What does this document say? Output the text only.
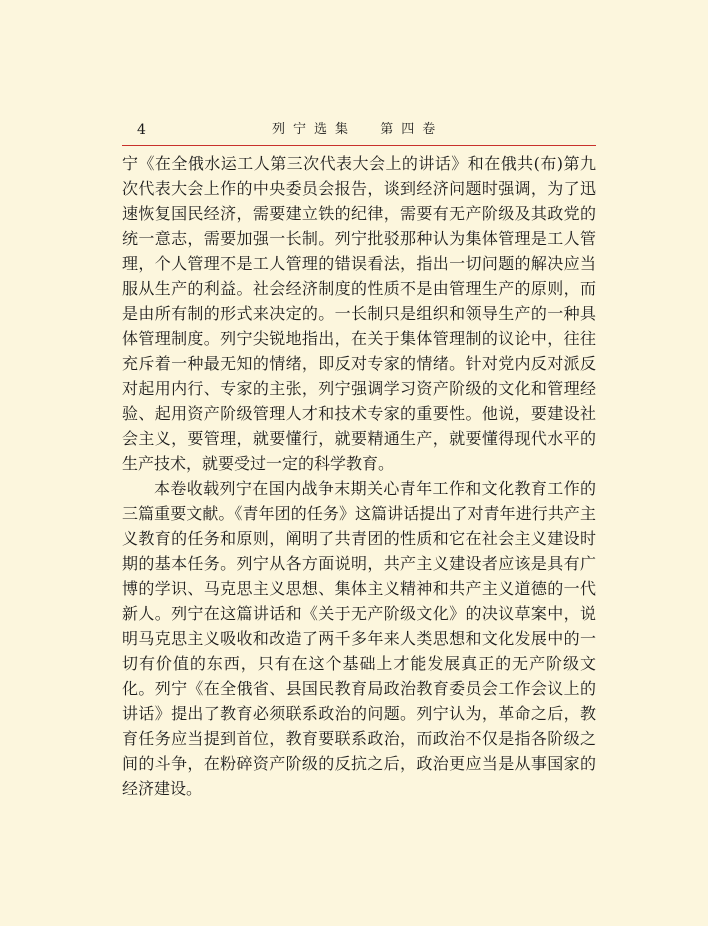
4	列宁选集  第四卷

宁《在全俄水运工人第三次代表大会上的讲话》和在俄共(布)第九次代表大会上作的中央委员会报告，谈到经济问题时强调，为了迅速恢复国民经济，需要建立铁的纪律，需要有无产阶级及其政党的统一意志，需要加强一长制。列宁批驳那种认为集体管理是工人管理，个人管理不是工人管理的错误看法，指出一切问题的解决应当服从生产的利益。社会经济制度的性质不是由管理生产的原则，而是由所有制的形式来决定的。一长制只是组织和领导生产的一种具体管理制度。列宁尖锐地指出，在关于集体管理制的议论中，往往充斥着一种最无知的情绪，即反对专家的情绪。针对党内反对派反对起用内行、专家的主张，列宁强调学习资产阶级的文化和管理经验、起用资产阶级管理人才和技术专家的重要性。他说，要建设社会主义，要管理，就要懂行，就要精通生产，就要懂得现代水平的生产技术，就要受过一定的科学教育。

本卷收载列宁在国内战争末期关心青年工作和文化教育工作的三篇重要文献。《青年团的任务》这篇讲话提出了对青年进行共产主义教育的任务和原则，阐明了共青团的性质和它在社会主义建设时期的基本任务。列宁从各方面说明，共产主义建设者应该是具有广博的学识、马克思主义思想、集体主义精神和共产主义道德的一代新人。列宁在这篇讲话和《关于无产阶级文化》的决议草案中，说明马克思主义吸收和改造了两千多年来人类思想和文化发展中的一切有价值的东西，只有在这个基础上才能发展真正的无产阶级文化。列宁《在全俄省、县国民教育局政治教育委员会工作会议上的讲话》提出了教育必须联系政治的问题。列宁认为，革命之后，教育任务应当提到首位，教育要联系政治，而政治不仅是指各阶级之间的斗争，在粉碎资产阶级的反抗之后，政治更应当是从事国家的经济建设。
